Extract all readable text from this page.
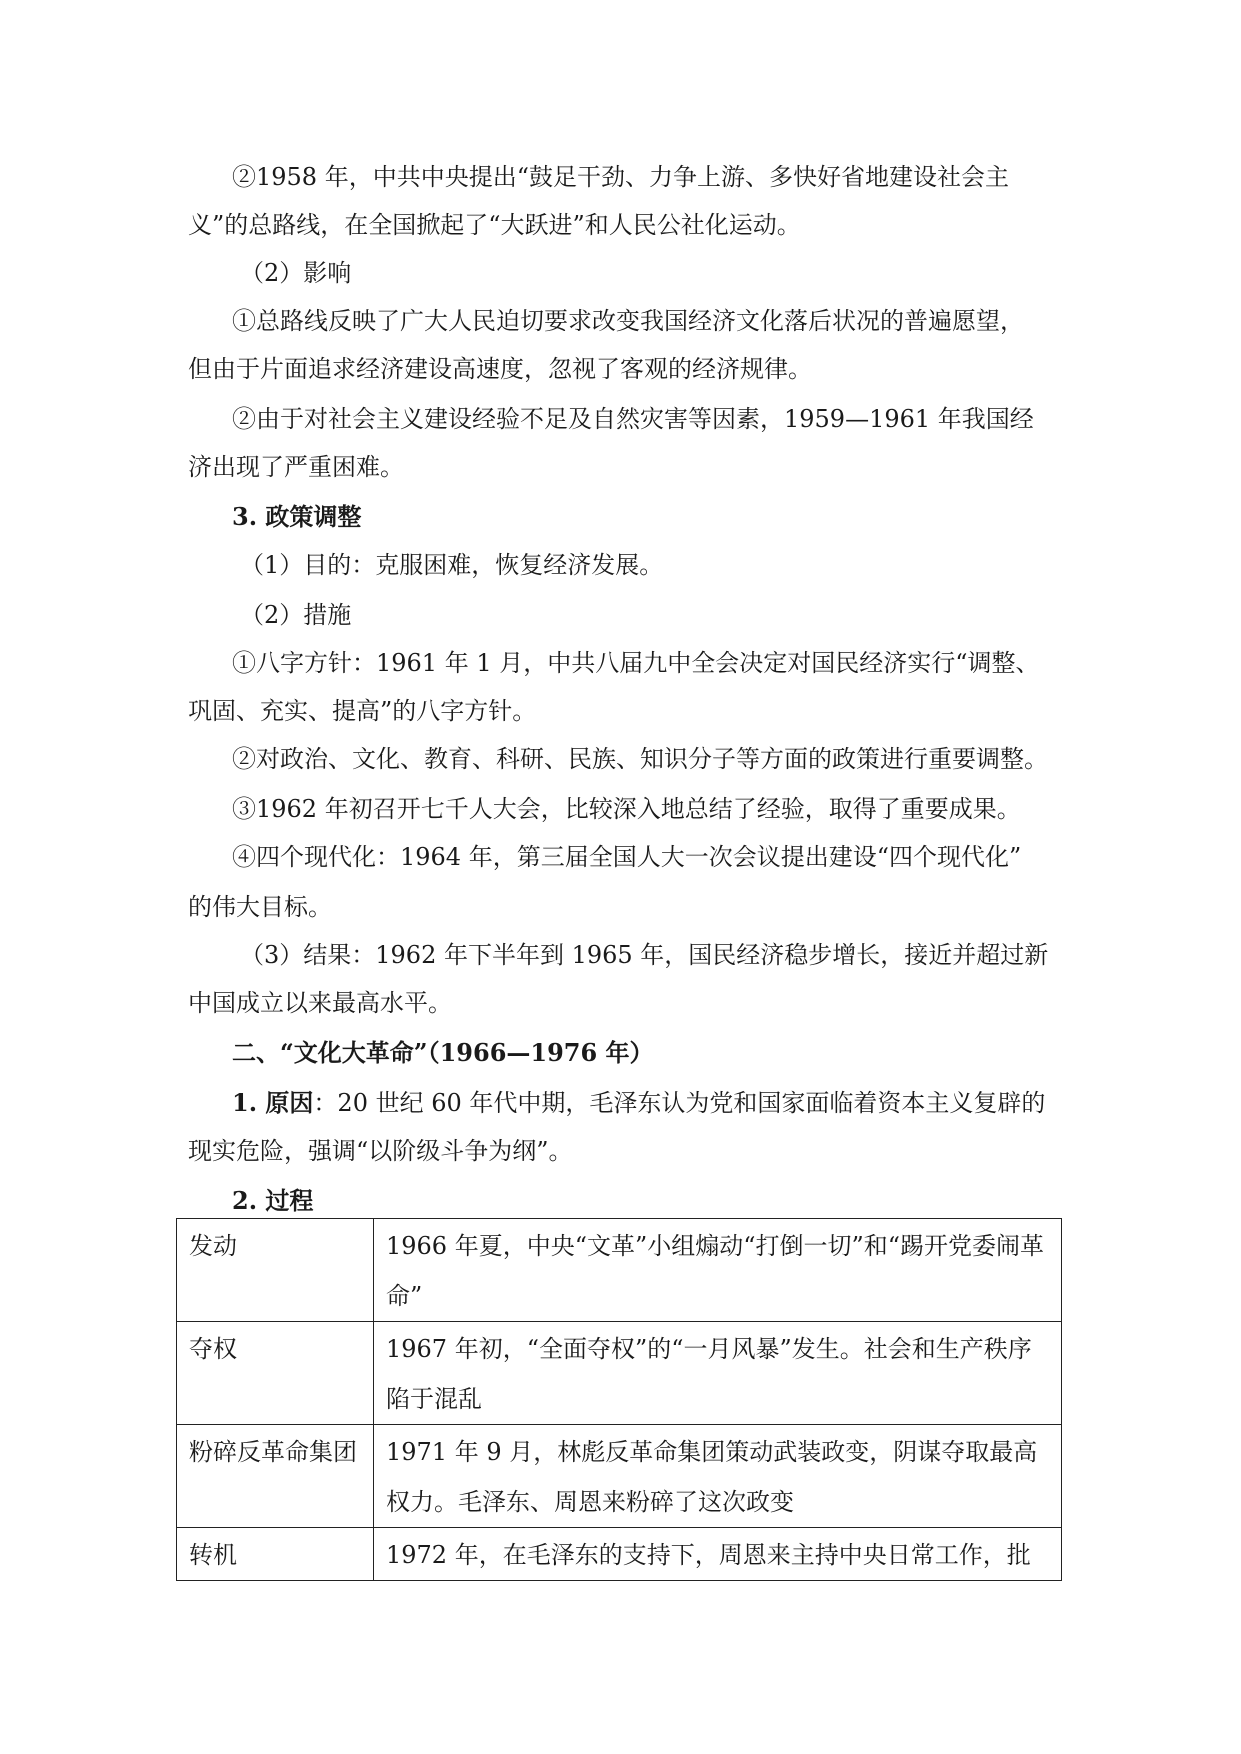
②1958 年，中共中央提出“鼓足干劲、力争上游、多快好省地建设社会主
义”的总路线，在全国掀起了“大跃进”和人民公社化运动。
（2）影响
①总路线反映了广大人民迫切要求改变我国经济文化落后状况的普遍愿望，
但由于片面追求经济建设高速度，忽视了客观的经济规律。
②由于对社会主义建设经验不足及自然灾害等因素，1959—1961 年我国经
济出现了严重困难。
3. 政策调整
（1）目的：克服困难，恢复经济发展。
（2）措施
①八字方针：1961 年 1 月，中共八届九中全会决定对国民经济实行“调整、
巩固、充实、提高”的八字方针。
②对政治、文化、教育、科研、民族、知识分子等方面的政策进行重要调整。
③1962 年初召开七千人大会，比较深入地总结了经验，取得了重要成果。
④四个现代化：1964 年，第三届全国人大一次会议提出建设“四个现代化”
的伟大目标。
（3）结果：1962 年下半年到 1965 年，国民经济稳步增长，接近并超过新
中国成立以来最高水平。
二、“文化大革命”（1966—1976 年）
1. 原因：20 世纪 60 年代中期，毛泽东认为党和国家面临着资本主义复辟的
现实危险，强调“以阶级斗争为纲”。
2. 过程
发动	1966 年夏，中央“文革”小组煽动“打倒一切”和“踢开党委闹革命”
夺权	1967 年初，“全面夺权”的“一月风暴”发生。社会和生产秩序陷于混乱
粉碎反革命集团	1971 年 9 月，林彪反革命集团策动武装政变，阴谋夺取最高权力。毛泽东、周恩来粉碎了这次政变
转机	1972 年，在毛泽东的支持下，周恩来主持中央日常工作，批
